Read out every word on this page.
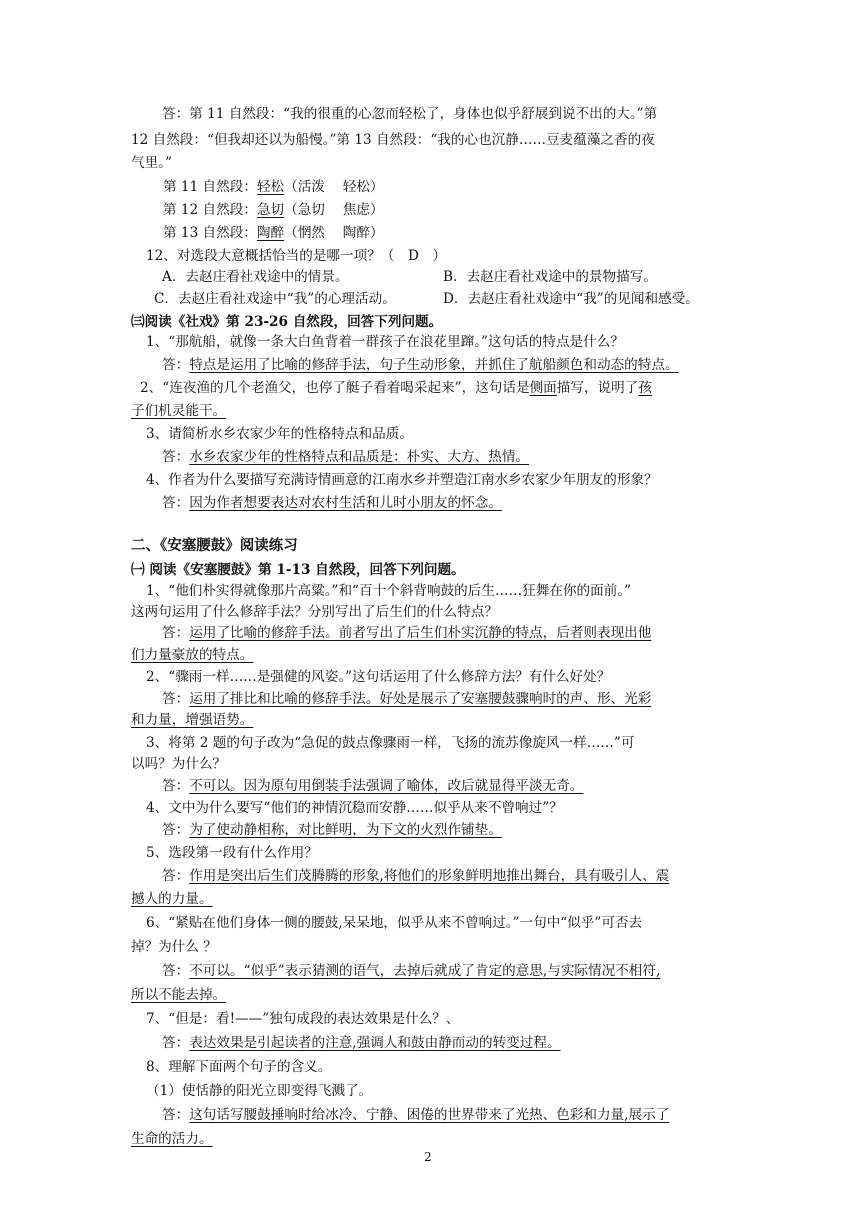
答：第 11 自然段：“我的很重的心忽而轻松了，身体也似乎舒展到说不出的大。”第
12 自然段：“但我却还以为船慢。”第 13 自然段：“我的心也沉静……豆麦蕴藻之香的夜
气里。”
第 11 自然段：轻松（活泼　 轻松）
第 12 自然段：急切（急切　 焦虑）
第 13 自然段：陶醉（惘然　 陶醉）
12、对选段大意概括恰当的是哪一项？（　D　）
A．去赵庄看社戏途中的情景。	B．去赵庄看社戏途中的景物描写。
C．去赵庄看社戏途中“我”的心理活动。	D．去赵庄看社戏途中“我”的见闻和感受。
㈢阅读《社戏》第 23-26 自然段，回答下列问题。
1、“那航船，就像一条大白鱼背着一群孩子在浪花里蹿。”这句话的特点是什么？
答：特点是运用了比喻的修辞手法，句子生动形象，并抓住了航船颜色和动态的特点。
2、“连夜渔的几个老渔父，也停了艇子看着喝采起来”，这句话是侧面描写，说明了孩
子们机灵能干。
3、请简析水乡农家少年的性格特点和品质。
答：水乡农家少年的性格特点和品质是：朴实、大方、热情。
4、作者为什么要描写充满诗情画意的江南水乡并塑造江南水乡农家少年朋友的形象？
答：因为作者想要表达对农村生活和儿时小朋友的怀念。
二、《安塞腰鼓》阅读练习
㈠ 阅读《安塞腰鼓》第 1-13 自然段，回答下列问题。
1、“他们朴实得就像那片高粱。”和“百十个斜背响鼓的后生……狂舞在你的面前。”
这两句运用了什么修辞手法？分别写出了后生们的什么特点？
答：运用了比喻的修辞手法。前者写出了后生们朴实沉静的特点，后者则表现出他
们力量豪放的特点。
2、“骤雨一样……是强健的风姿。”这句话运用了什么修辞方法？有什么好处？
答：运用了排比和比喻的修辞手法。好处是展示了安塞腰鼓骤响时的声、形、光彩
和力量，增强语势。
3、将第 2 题的句子改为“急促的鼓点像骤雨一样，飞扬的流苏像旋风一样……”可
以吗？为什么？
答：不可以。因为原句用倒装手法强调了喻体，改后就显得平淡无奇。
4、文中为什么要写“他们的神情沉稳而安静……似乎从来不曾响过”？
答：为了使动静相称，对比鲜明，为下文的火烈作铺垫。
5、选段第一段有什么作用？
答：作用是突出后生们茂腾腾的形象,将他们的形象鲜明地推出舞台，具有吸引人、震
撼人的力量。
6、“紧贴在他们身体一侧的腰鼓,呆呆地，似乎从来不曾响过。”一句中“似乎”可否去
掉？为什么 ？
答：不可以。“似乎”表示猜测的语气，去掉后就成了肯定的意思,与实际情况不相符,
所以不能去掉。
7、“但是：看!——”独句成段的表达效果是什么？、
答：表达效果是引起读者的注意,强调人和鼓由静而动的转变过程。
8、理解下面两个句子的含义。
（1）使恬静的阳光立即变得飞溅了。
答：这句话写腰鼓捶响时给冰冷、宁静、困倦的世界带来了光热、色彩和力量,展示了
生命的活力。
2
